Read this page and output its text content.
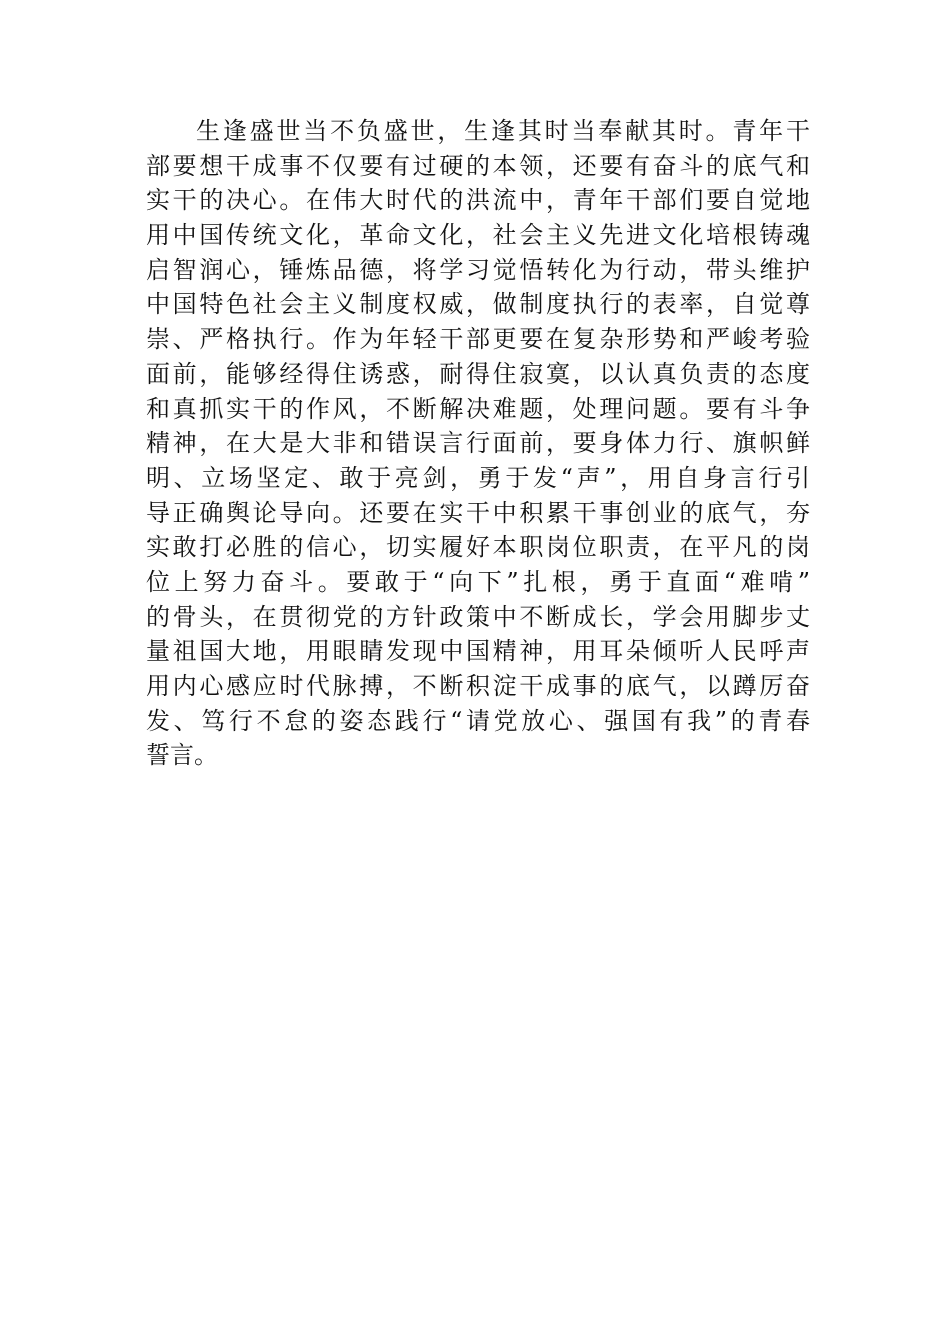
生逢盛世当不负盛世，生逢其时当奉献其时。青年干
部要想干成事不仅要有过硬的本领，还要有奋斗的底气和
实干的决心。在伟大时代的洪流中，青年干部们要自觉地
用中国传统文化，革命文化，社会主义先进文化培根铸魂
启智润心，锤炼品德，将学习觉悟转化为行动，带头维护
中国特色社会主义制度权威，做制度执行的表率，自觉尊
崇、严格执行。作为年轻干部更要在复杂形势和严峻考验
面前，能够经得住诱惑，耐得住寂寞，以认真负责的态度
和真抓实干的作风，不断解决难题，处理问题。要有斗争
精神，在大是大非和错误言行面前，要身体力行、旗帜鲜
明、立场坚定、敢于亮剑，勇于发“声”，用自身言行引
导正确舆论导向。还要在实干中积累干事创业的底气，夯
实敢打必胜的信心，切实履好本职岗位职责，在平凡的岗
位上努力奋斗。要敢于“向下”扎根，勇于直面“难啃”
的骨头，在贯彻党的方针政策中不断成长，学会用脚步丈
量祖国大地，用眼睛发现中国精神，用耳朵倾听人民呼声
用内心感应时代脉搏，不断积淀干成事的底气，以蹲厉奋
发、笃行不怠的姿态践行“请党放心、强国有我”的青春
誓言。
